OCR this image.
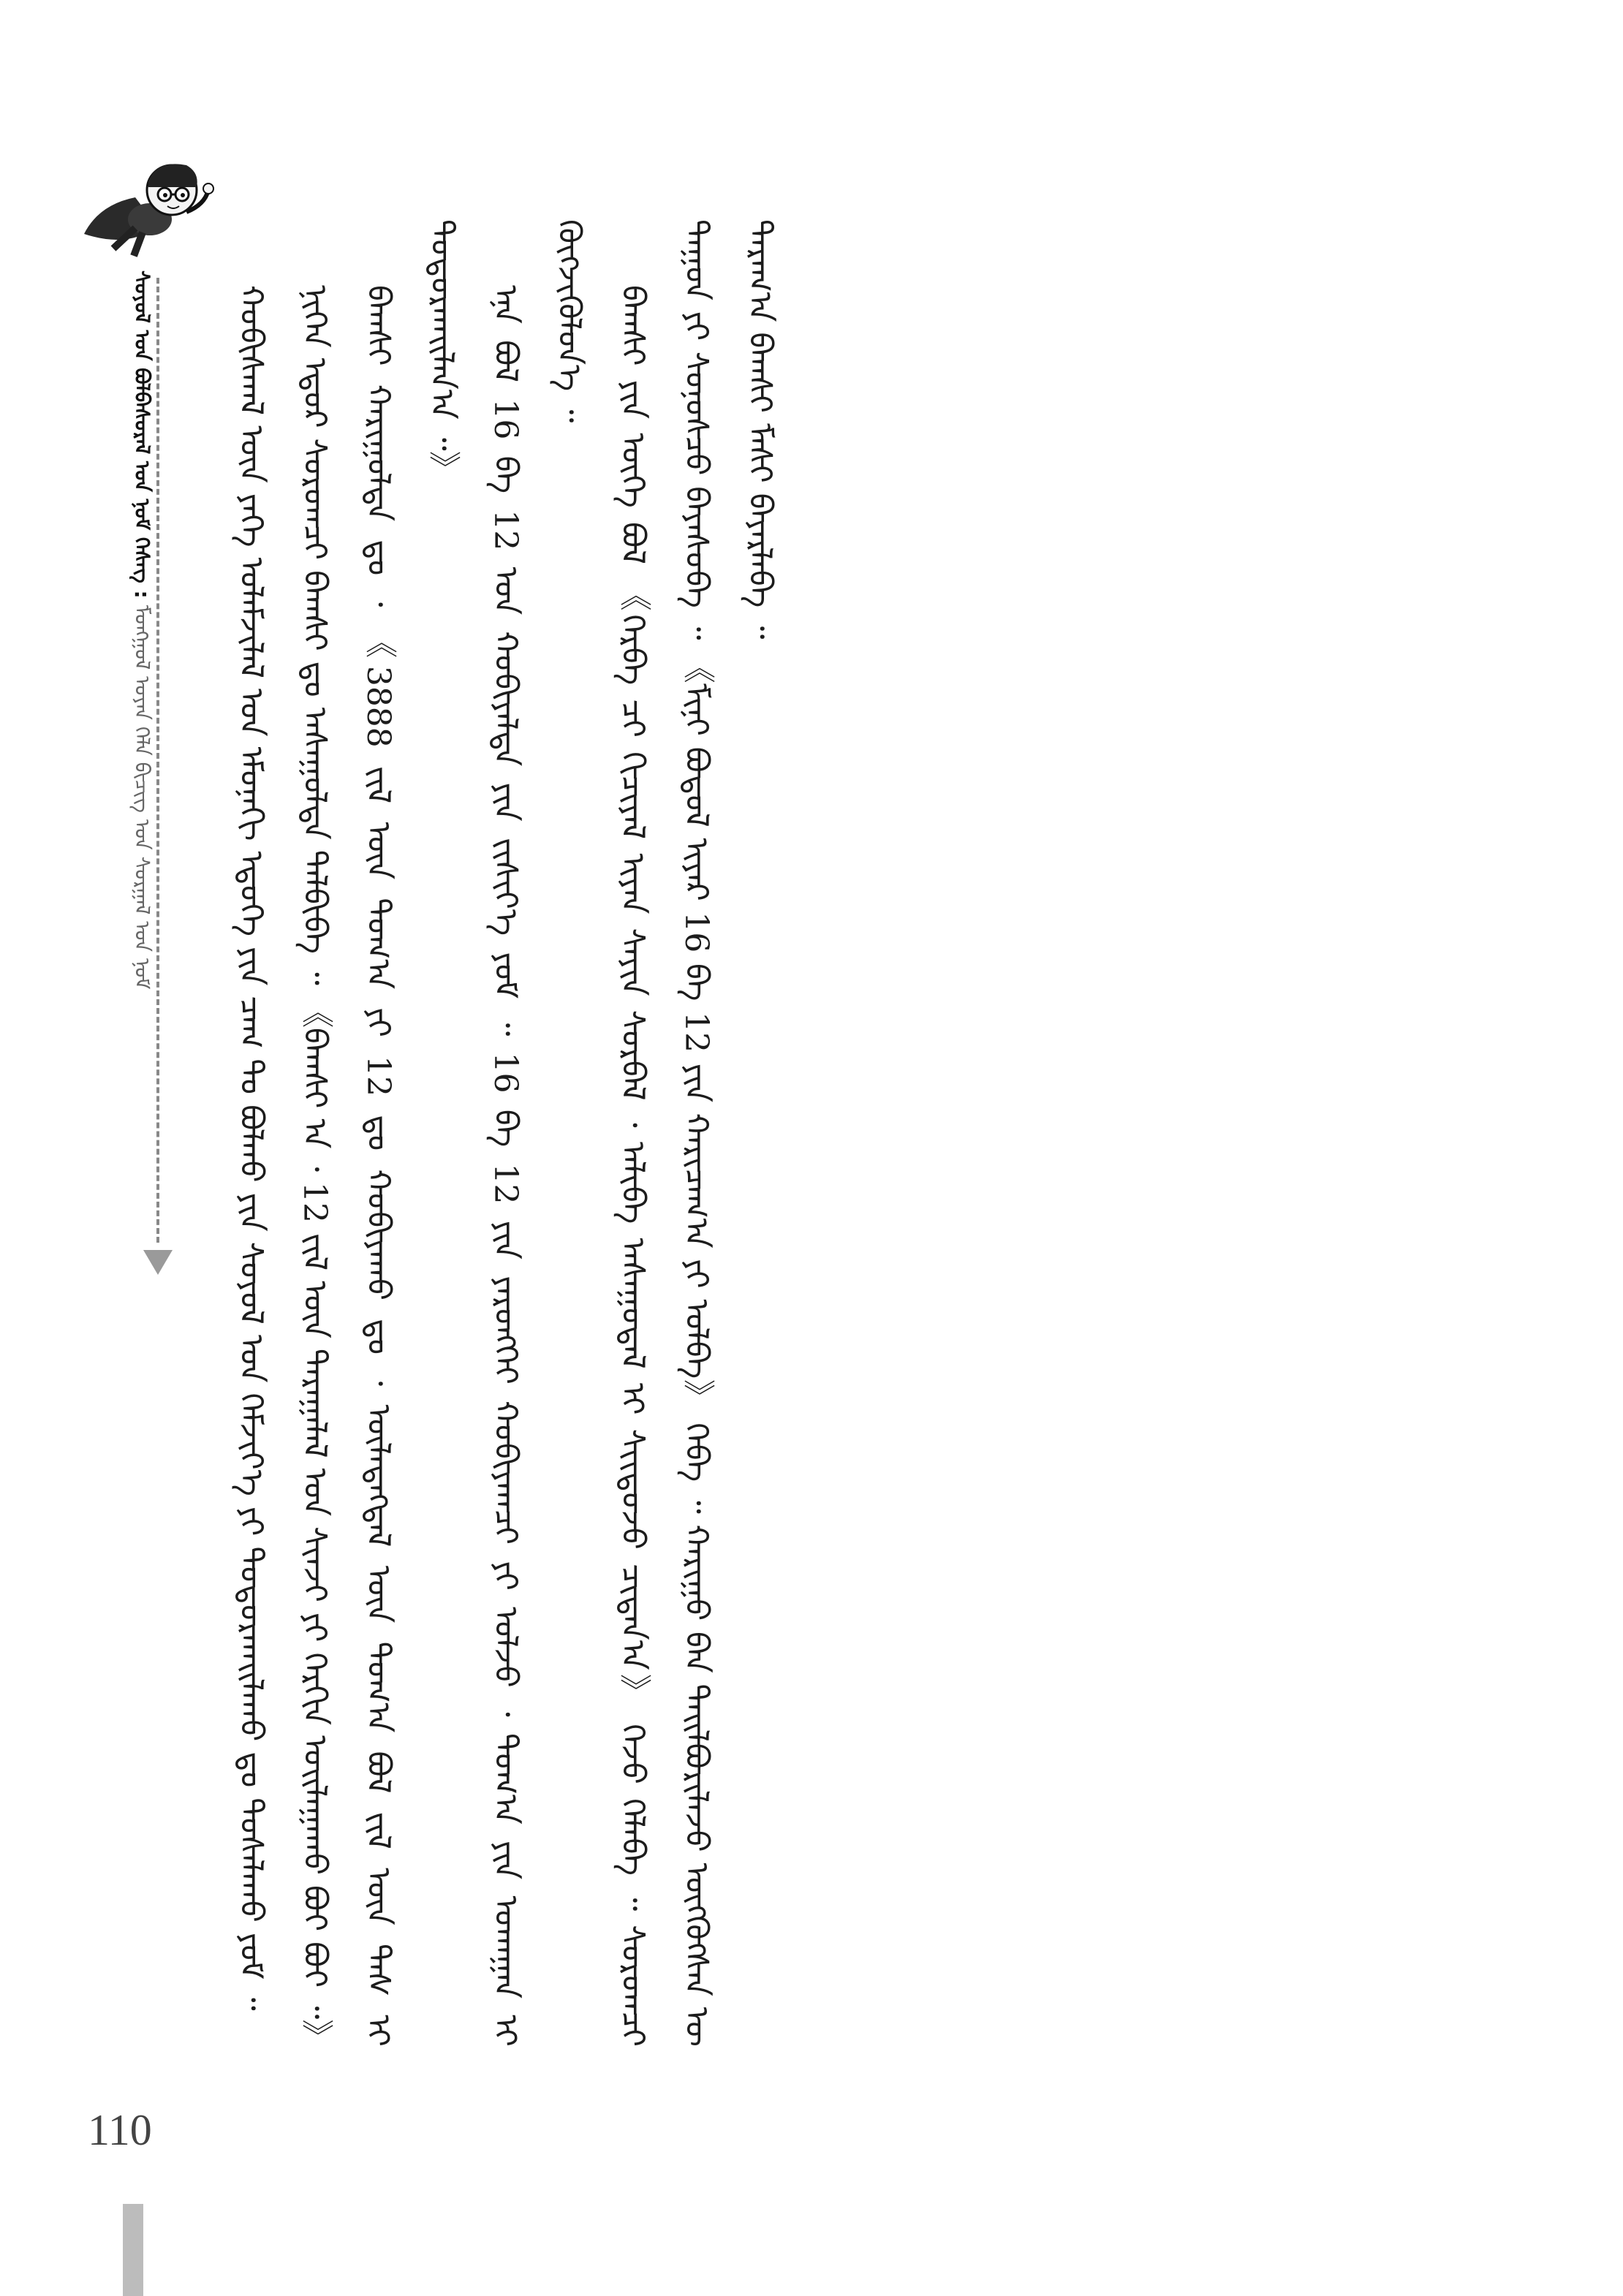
ᠰᠣᠶᠣᠯ ᠤᠨ ᠪᠣᠯᠪᠠᠰᠤᠷᠠᠯ ᠤᠨ ᠨᠣᠮ ᠬᠡᠰᠡᠭ : ᠮᠣᠩᠭᠣᠯ ᠤᠶᠠᠨ ᠬᠡᠯᠡ ᠪᠢᠴᠢᠭ ᠤᠨ ᠰᠤᠷᠭᠠᠯ ᠤᠨ ᠨᠣᠮ	ᠬᠤᠪᠢᠰᠬᠠᠯ ᠦᠨ ᠶᠡᠬᠡ ᠤᠯᠠᠮᠵᠢᠯᠠᠯ ᠤᠨ ᠡᠮᠦᠨᠡᠬᠢ ᠡᠳᠦᠭᠡ ᠶᠢᠨ ᠴᠠᠭ ᠲᠤ ᠪᠣᠯᠬᠤ ᠶᠢᠨ ᠰᠣᠶᠣᠯ ᠤᠨ ᠬᠡᠮᠵᠢᠶ᠎ᠡ ᠶᠢ ᠲᠣᠳᠣᠷᠬᠠᠢᠯᠠᠬᠤ ᠳᠤ ᠳᠤᠰᠠᠯᠠᠬᠤ ᠶᠤᠮ ᠃ ᠨᠢᠭᠡᠨ ᠡᠳᠦᠷ ᠰᠤᠷᠤᠭᠴᠢ ᠪᠠᠭᠰᠢ ᠳᠤ ᠠᠰᠠᠭᠤᠯᠲᠠ ᠲᠠᠯᠪᠢᠪᠠ ᠃ 《ᠪᠠᠭᠰᠢ ᠎ᠠ ᠂ 12 ᠵᠢᠯ ᠦᠨ ᠳᠠᠷᠠᠭᠠᠯᠠᠯ ᠤᠨ ᠰᠢᠨᠵᠢ ᠶᠢ ᠬᠡᠷᠬᠢᠨ ᠣᠢᠯᠠᠭᠠᠬᠤ ᠪᠤᠢ ᠪᠤᠢ ᠃》 ᠪᠠᠭᠰᠢ ᠬᠠᠷᠢᠭᠤᠯᠲᠠ ᠳᠤ ᠂ 《3888 ᠵᠢᠯ ᠦᠨ ᠲᠣᠭ᠎ᠠ ᠶᠢ 12 ᠳᠤ ᠬᠤᠪᠢᠶᠠᠬᠤ ᠳᠤ ᠂ ᠦᠯᠡᠳᠡᠭᠳᠡᠯ ᠦᠨ ᠲᠣᠭ᠎ᠠ ᠪᠣᠯ ᠵᠢᠯ ᠦᠨ ᠳᠡᠰ ᠢ ᠲᠣᠳᠣᠷᠬᠠᠢᠯᠠᠨ᠎ᠠ ᠃》 ᠡᠨᠡ ᠪᠣᠯ 16 ᠪᠠ 12 ᠤᠨ ᠬᠤᠪᠢᠶᠠᠯᠲᠠ ᠶᠢᠨ ᠵᠢᠱᠢᠶ᠎ᠡ ᠶᠤᠮ ᠃ 16 ᠪᠠ 12 ᠶᠢᠨ ᠶᠡᠷᠦᠩᠬᠡᠢ ᠬᠤᠪᠢᠶᠠᠭᠴᠢ ᠶᠢ ᠣᠯᠵᠤ ᠂ ᠲᠣᠭ᠎ᠠ ᠶᠢᠨ ᠤᠬᠠᠭᠠᠨ ᠢ ᠬᠦᠭᠵᠢᠭᠦᠯᠦᠨ᠎ᠡ ᠃ ᠪᠠᠭᠰᠢ ᠶᠢᠨ ᠦᠭᠡ ᠪᠣᠯ 《ᠬᠡᠷᠪᠡ ᠴᠢ ᠬᠢᠴᠢᠶᠡᠯ ᠢᠶᠡᠨ ᠰᠠᠶᠢᠨ ᠰᠤᠷᠪᠠᠯ ᠂ ᠠᠯᠢᠪᠠ ᠠᠰᠠᠭᠤᠳᠠᠯ ᠢ ᠰᠢᠢᠳᠦᠵᠦ ᠴᠢᠳᠠᠨ᠎ᠠ》 ᠭᠡᠵᠦ ᠬᠡᠯᠡᠪᠡ ᠃ ᠰᠤᠷᠤᠭᠴᠢ ᠲᠠᠭᠤᠨ ᠶᠢ ᠰᠣᠨᠣᠰᠴᠤ ᠪᠠᠶᠠᠰᠤᠪᠠ ᠃ 《ᠮᠢᠨᠢ ᠪᠣᠳᠤᠯ ᠢᠶᠠᠷ 16 ᠪᠠ 12 ᠶᠢᠨ ᠬᠠᠷᠢᠴᠠᠭ᠎ᠠ ᠶᠢ ᠣᠯᠪᠠ》 ᠭᠡᠪᠡ ᠃ ᠬᠠᠷᠢᠭᠤ ᠪᠠᠨ ᠲᠠᠢᠯᠪᠤᠷᠢᠯᠠᠵᠤ ᠦᠭᠬᠦᠭᠰᠡᠨ ᠦ ᠳᠠᠷᠠᠭ᠎ᠠ ᠪᠠᠭᠰᠢ ᠮᠠᠰᠢ ᠪᠠᠶᠠᠷᠯᠠᠪᠠ ᠃

110
